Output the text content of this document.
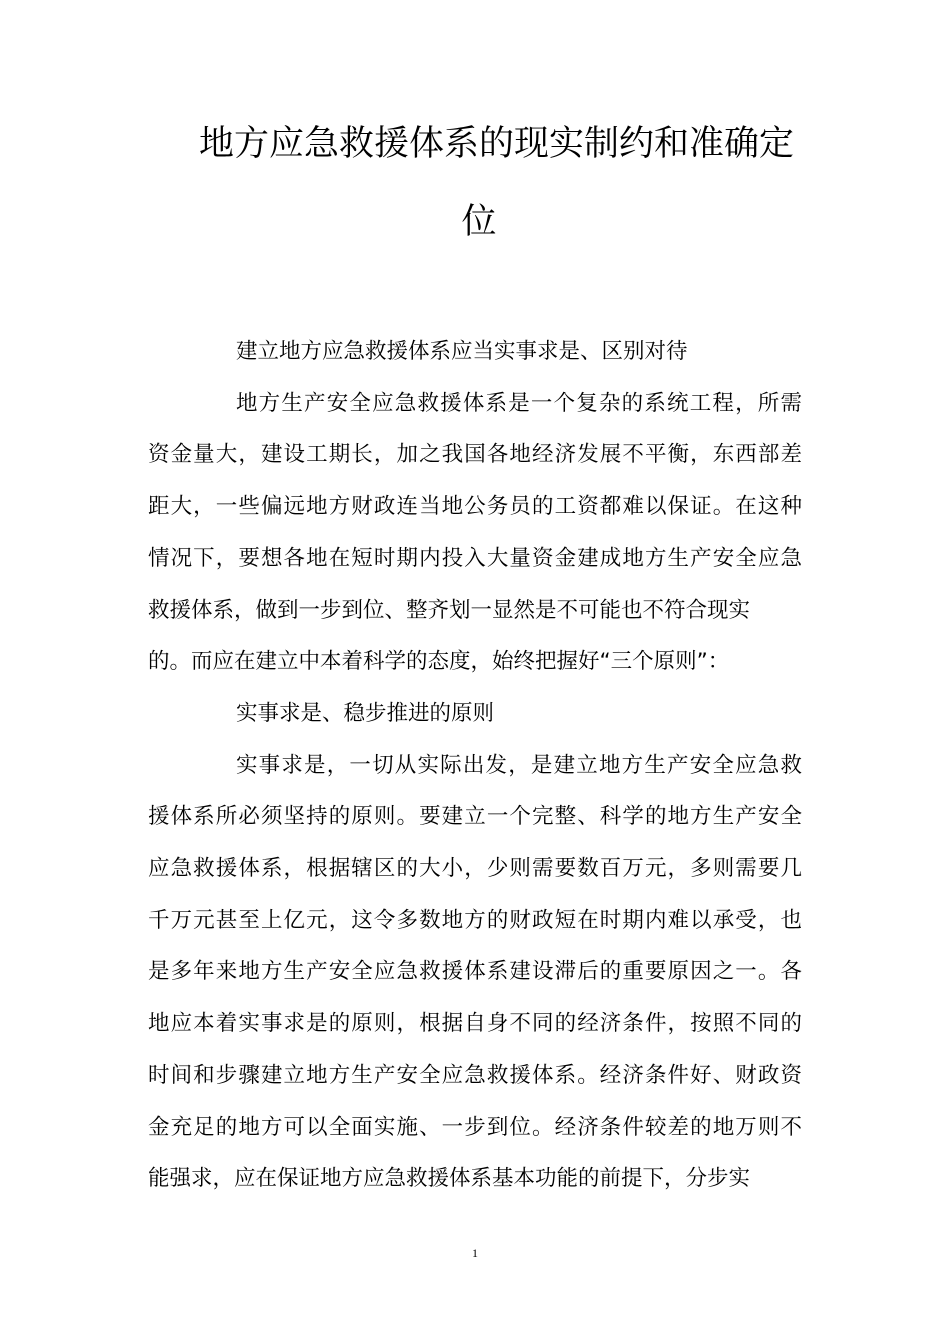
地方应急救援体系的现实制约和准确定
位

建立地方应急救援体系应当实事求是、区别对待

地方生产安全应急救援体系是一个复杂的系统工程，所需
资金量大，建设工期长，加之我国各地经济发展不平衡，东西部差
距大，一些偏远地方财政连当地公务员的工资都难以保证。在这种
情况下，要想各地在短时期内投入大量资金建成地方生产安全应急
救援体系，做到一步到位、整齐划一显然是不可能也不符合现实
的。而应在建立中本着科学的态度，始终把握好“三个原则”：

实事求是、稳步推进的原则

实事求是，一切从实际出发，是建立地方生产安全应急救
援体系所必须坚持的原则。要建立一个完整、科学的地方生产安全
应急救援体系，根据辖区的大小，少则需要数百万元，多则需要几
千万元甚至上亿元，这令多数地方的财政短在时期内难以承受，也
是多年来地方生产安全应急救援体系建设滞后的重要原因之一。各
地应本着实事求是的原则，根据自身不同的经济条件，按照不同的
时间和步骤建立地方生产安全应急救援体系。经济条件好、财政资
金充足的地方可以全面实施、一步到位。经济条件较差的地万则不
能强求，应在保证地方应急救援体系基本功能的前提下，分步实

1
